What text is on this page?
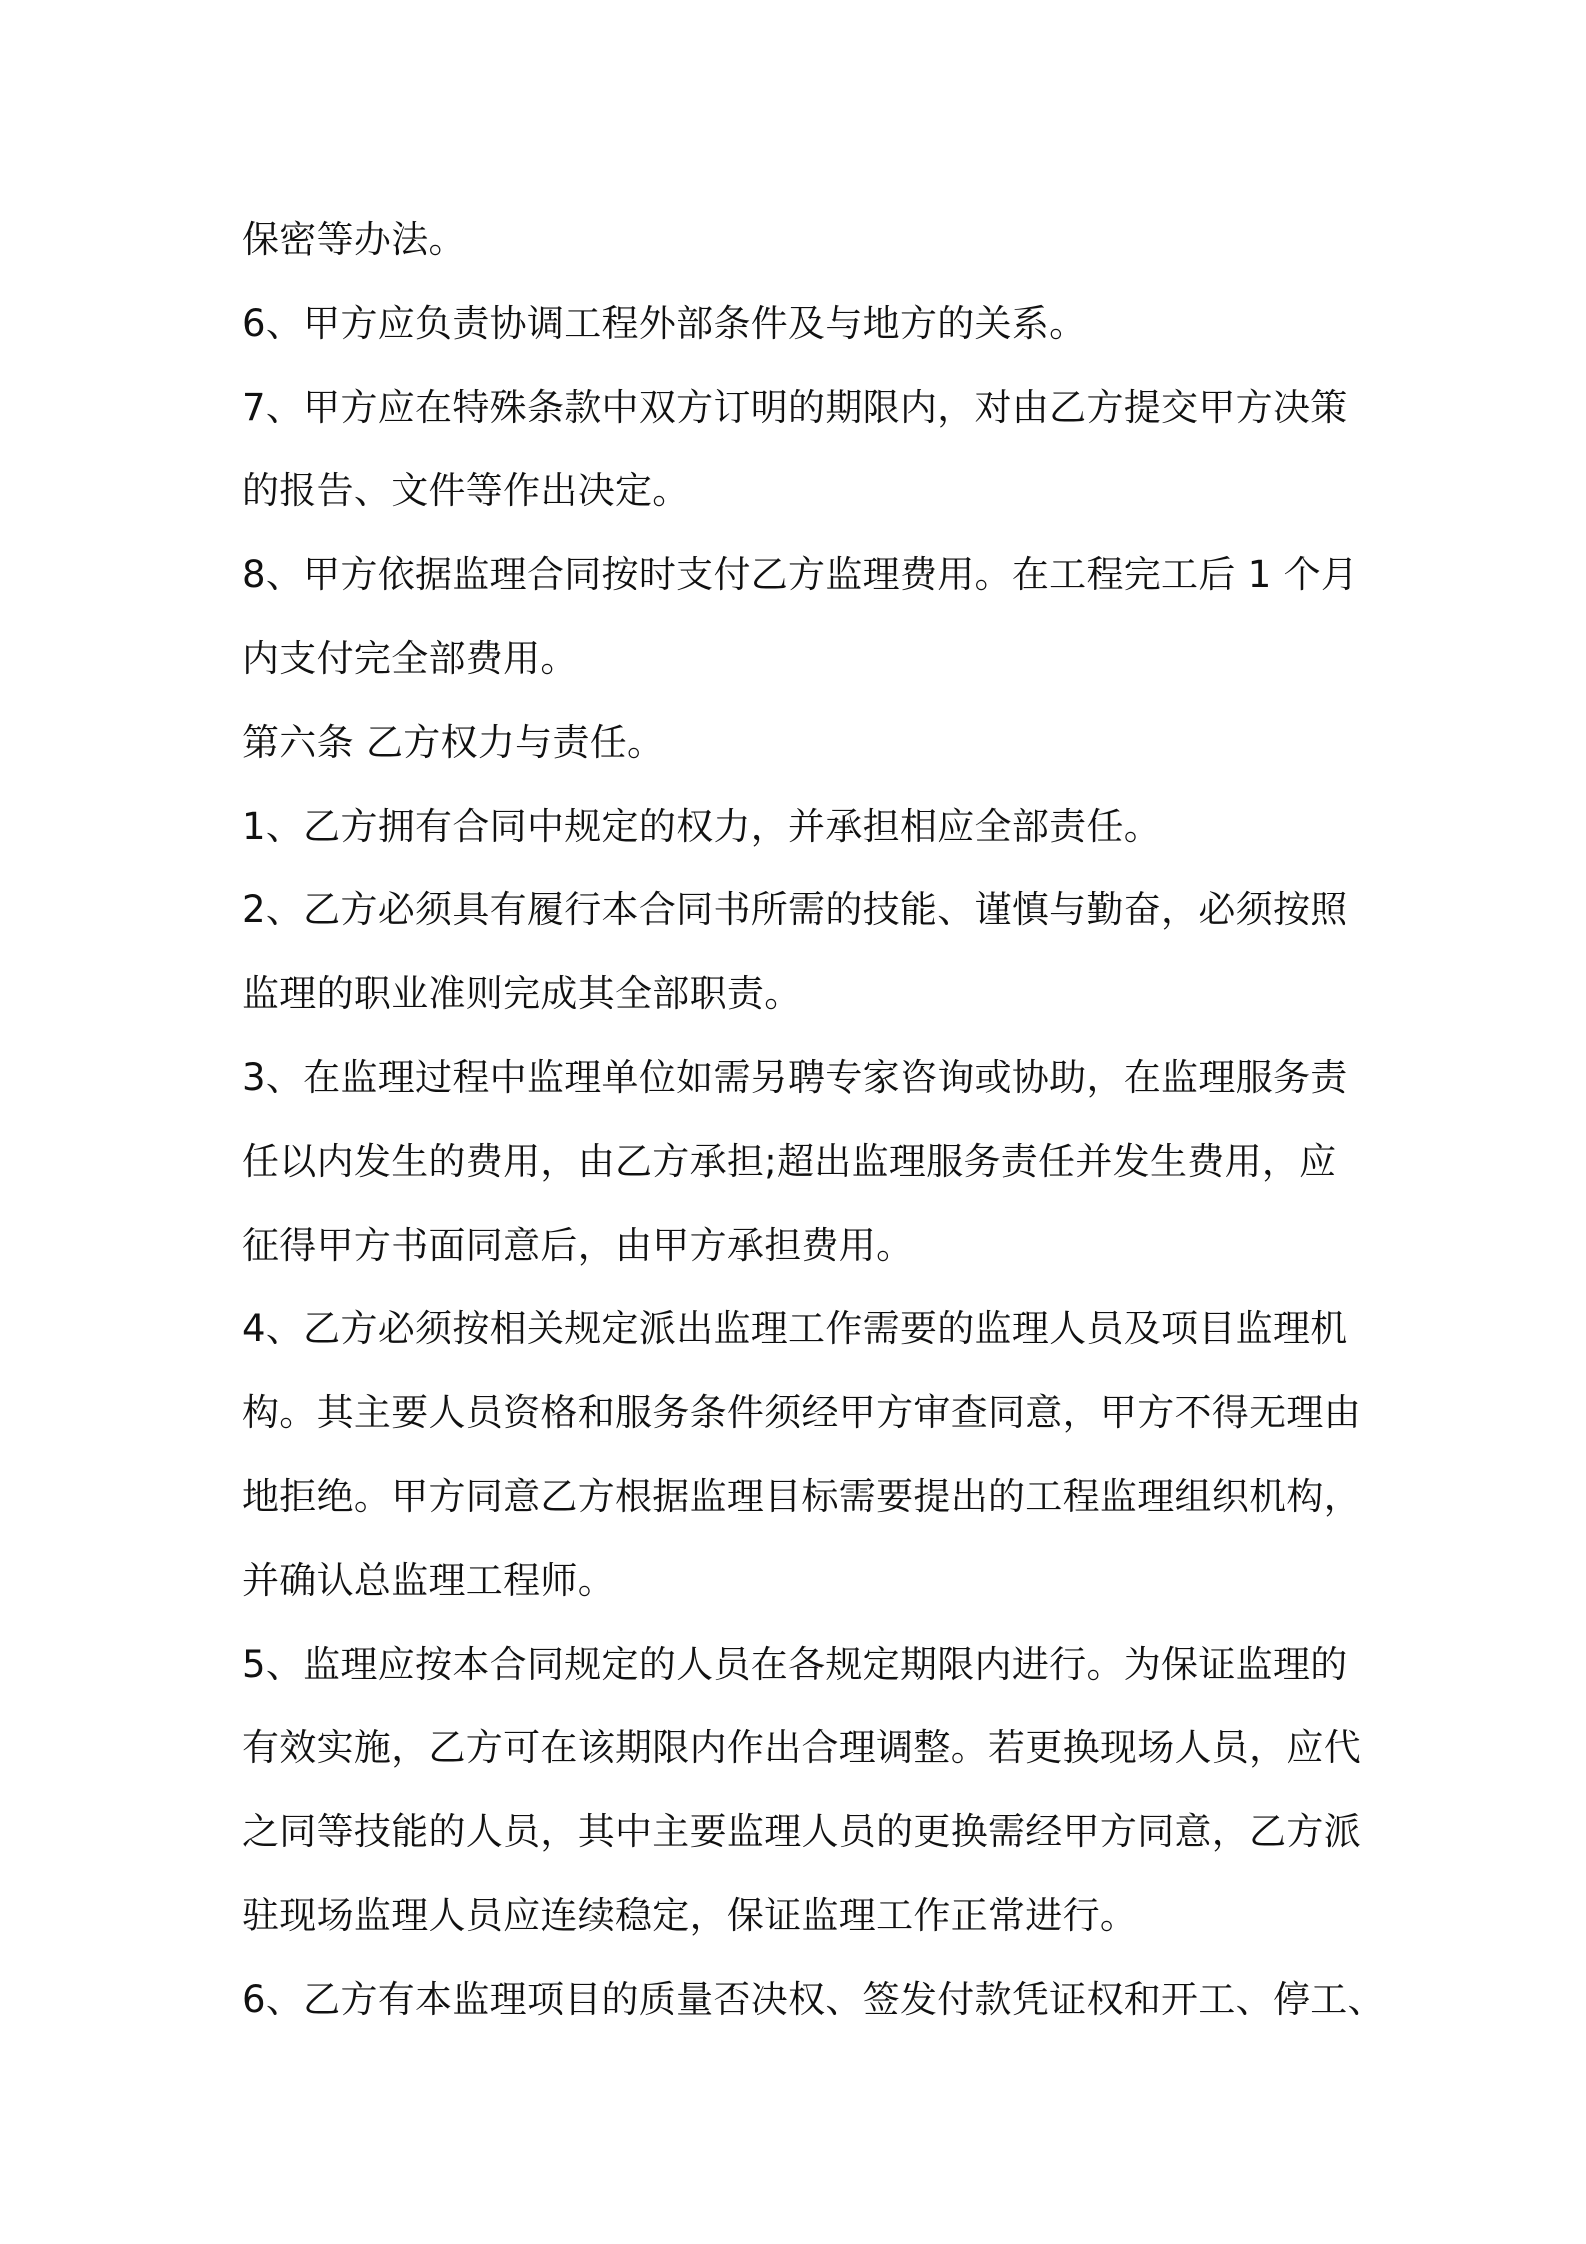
保密等办法。
6、甲方应负责协调工程外部条件及与地方的关系。
7、甲方应在特殊条款中双方订明的期限内，对由乙方提交甲方决策
的报告、文件等作出决定。
8、甲方依据监理合同按时支付乙方监理费用。在工程完工后 1 个月
内支付完全部费用。
第六条 乙方权力与责任。
1、乙方拥有合同中规定的权力，并承担相应全部责任。
2、乙方必须具有履行本合同书所需的技能、谨慎与勤奋，必须按照
监理的职业准则完成其全部职责。
3、在监理过程中监理单位如需另聘专家咨询或协助，在监理服务责
任以内发生的费用，由乙方承担;超出监理服务责任并发生费用，应
征得甲方书面同意后，由甲方承担费用。
4、乙方必须按相关规定派出监理工作需要的监理人员及项目监理机
构。其主要人员资格和服务条件须经甲方审查同意，甲方不得无理由
地拒绝。甲方同意乙方根据监理目标需要提出的工程监理组织机构，
并确认总监理工程师。
5、监理应按本合同规定的人员在各规定期限内进行。为保证监理的
有效实施，乙方可在该期限内作出合理调整。若更换现场人员，应代
之同等技能的人员，其中主要监理人员的更换需经甲方同意，乙方派
驻现场监理人员应连续稳定，保证监理工作正常进行。
6、乙方有本监理项目的质量否决权、签发付款凭证权和开工、停工、
